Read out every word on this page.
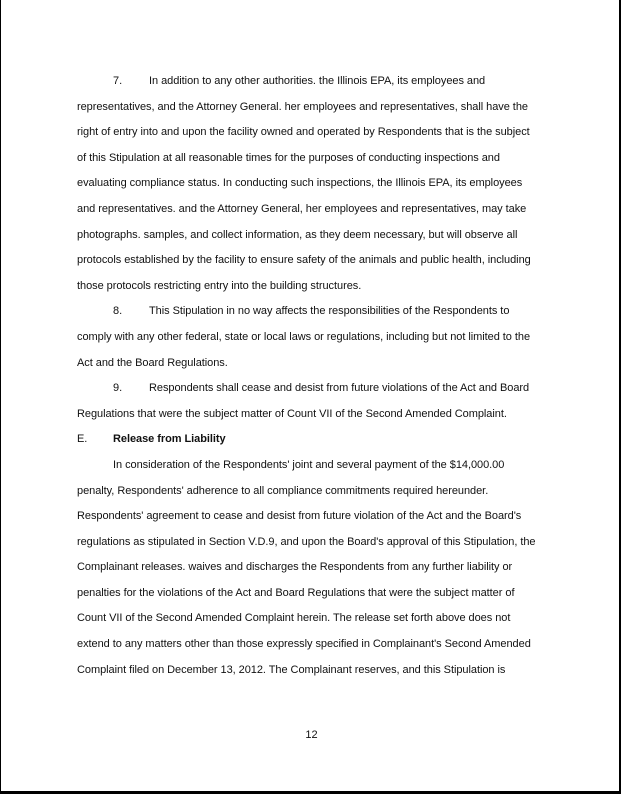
7. In addition to any other authorities. the Illinois EPA, its employees and
representatives, and the Attorney General. her employees and representatives, shall have the
right of entry into and upon the facility owned and operated by Respondents that is the subject
of this Stipulation at all reasonable times for the purposes of conducting inspections and
evaluating compliance status. In conducting such inspections, the Illinois EPA, its employees
and representatives. and the Attorney General, her employees and representatives, may take
photographs. samples, and collect information, as they deem necessary, but will observe all
protocols established by the facility to ensure safety of the animals and public health, including
those protocols restricting entry into the building structures.
8. This Stipulation in no way affects the responsibilities of the Respondents to
comply with any other federal, state or local laws or regulations, including but not limited to the
Act and the Board Regulations.
9. Respondents shall cease and desist from future violations of the Act and Board
Regulations that were the subject matter of Count VII of the Second Amended Complaint.
E. Release from Liability
In consideration of the Respondents' joint and several payment of the $14,000.00
penalty, Respondents' adherence to all compliance commitments required hereunder.
Respondents' agreement to cease and desist from future violation of the Act and the Board's
regulations as stipulated in Section V.D.9, and upon the Board's approval of this Stipulation, the
Complainant releases. waives and discharges the Respondents from any further liability or
penalties for the violations of the Act and Board Regulations that were the subject matter of
Count VII of the Second Amended Complaint herein. The release set forth above does not
extend to any matters other than those expressly specified in Complainant's Second Amended
Complaint filed on December 13, 2012. The Complainant reserves, and this Stipulation is
12
